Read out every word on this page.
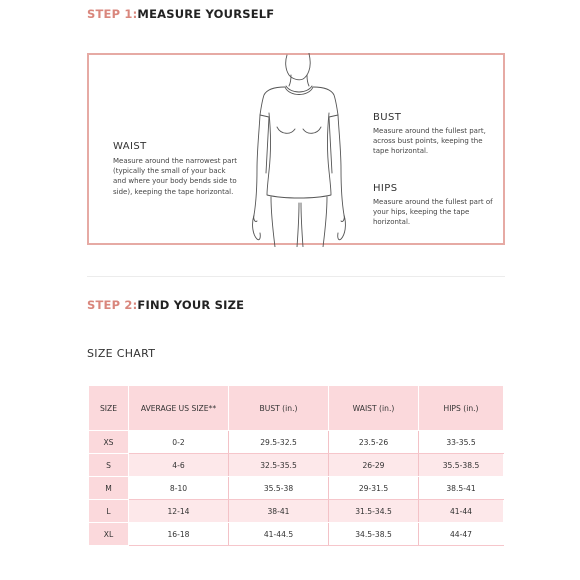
STEP 1:MEASURE YOURSELF
WAIST
Measure around the narrowest part (typically the small of your back and where your body bends side to side), keeping the tape horizontal.
BUST
Measure around the fullest part, across bust points, keeping the tape horizontal.
HIPS
Measure around the fullest part of your hips, keeping the tape horizontal.
STEP 2:FIND YOUR SIZE
SIZE CHART
SIZE	AVERAGE US SIZE**	BUST (in.)	WAIST (in.)	HIPS (in.)
XS	0-2	29.5-32.5	23.5-26	33-35.5
S	4-6	32.5-35.5	26-29	35.5-38.5
M	8-10	35.5-38	29-31.5	38.5-41
L	12-14	38-41	31.5-34.5	41-44
XL	16-18	41-44.5	34.5-38.5	44-47
